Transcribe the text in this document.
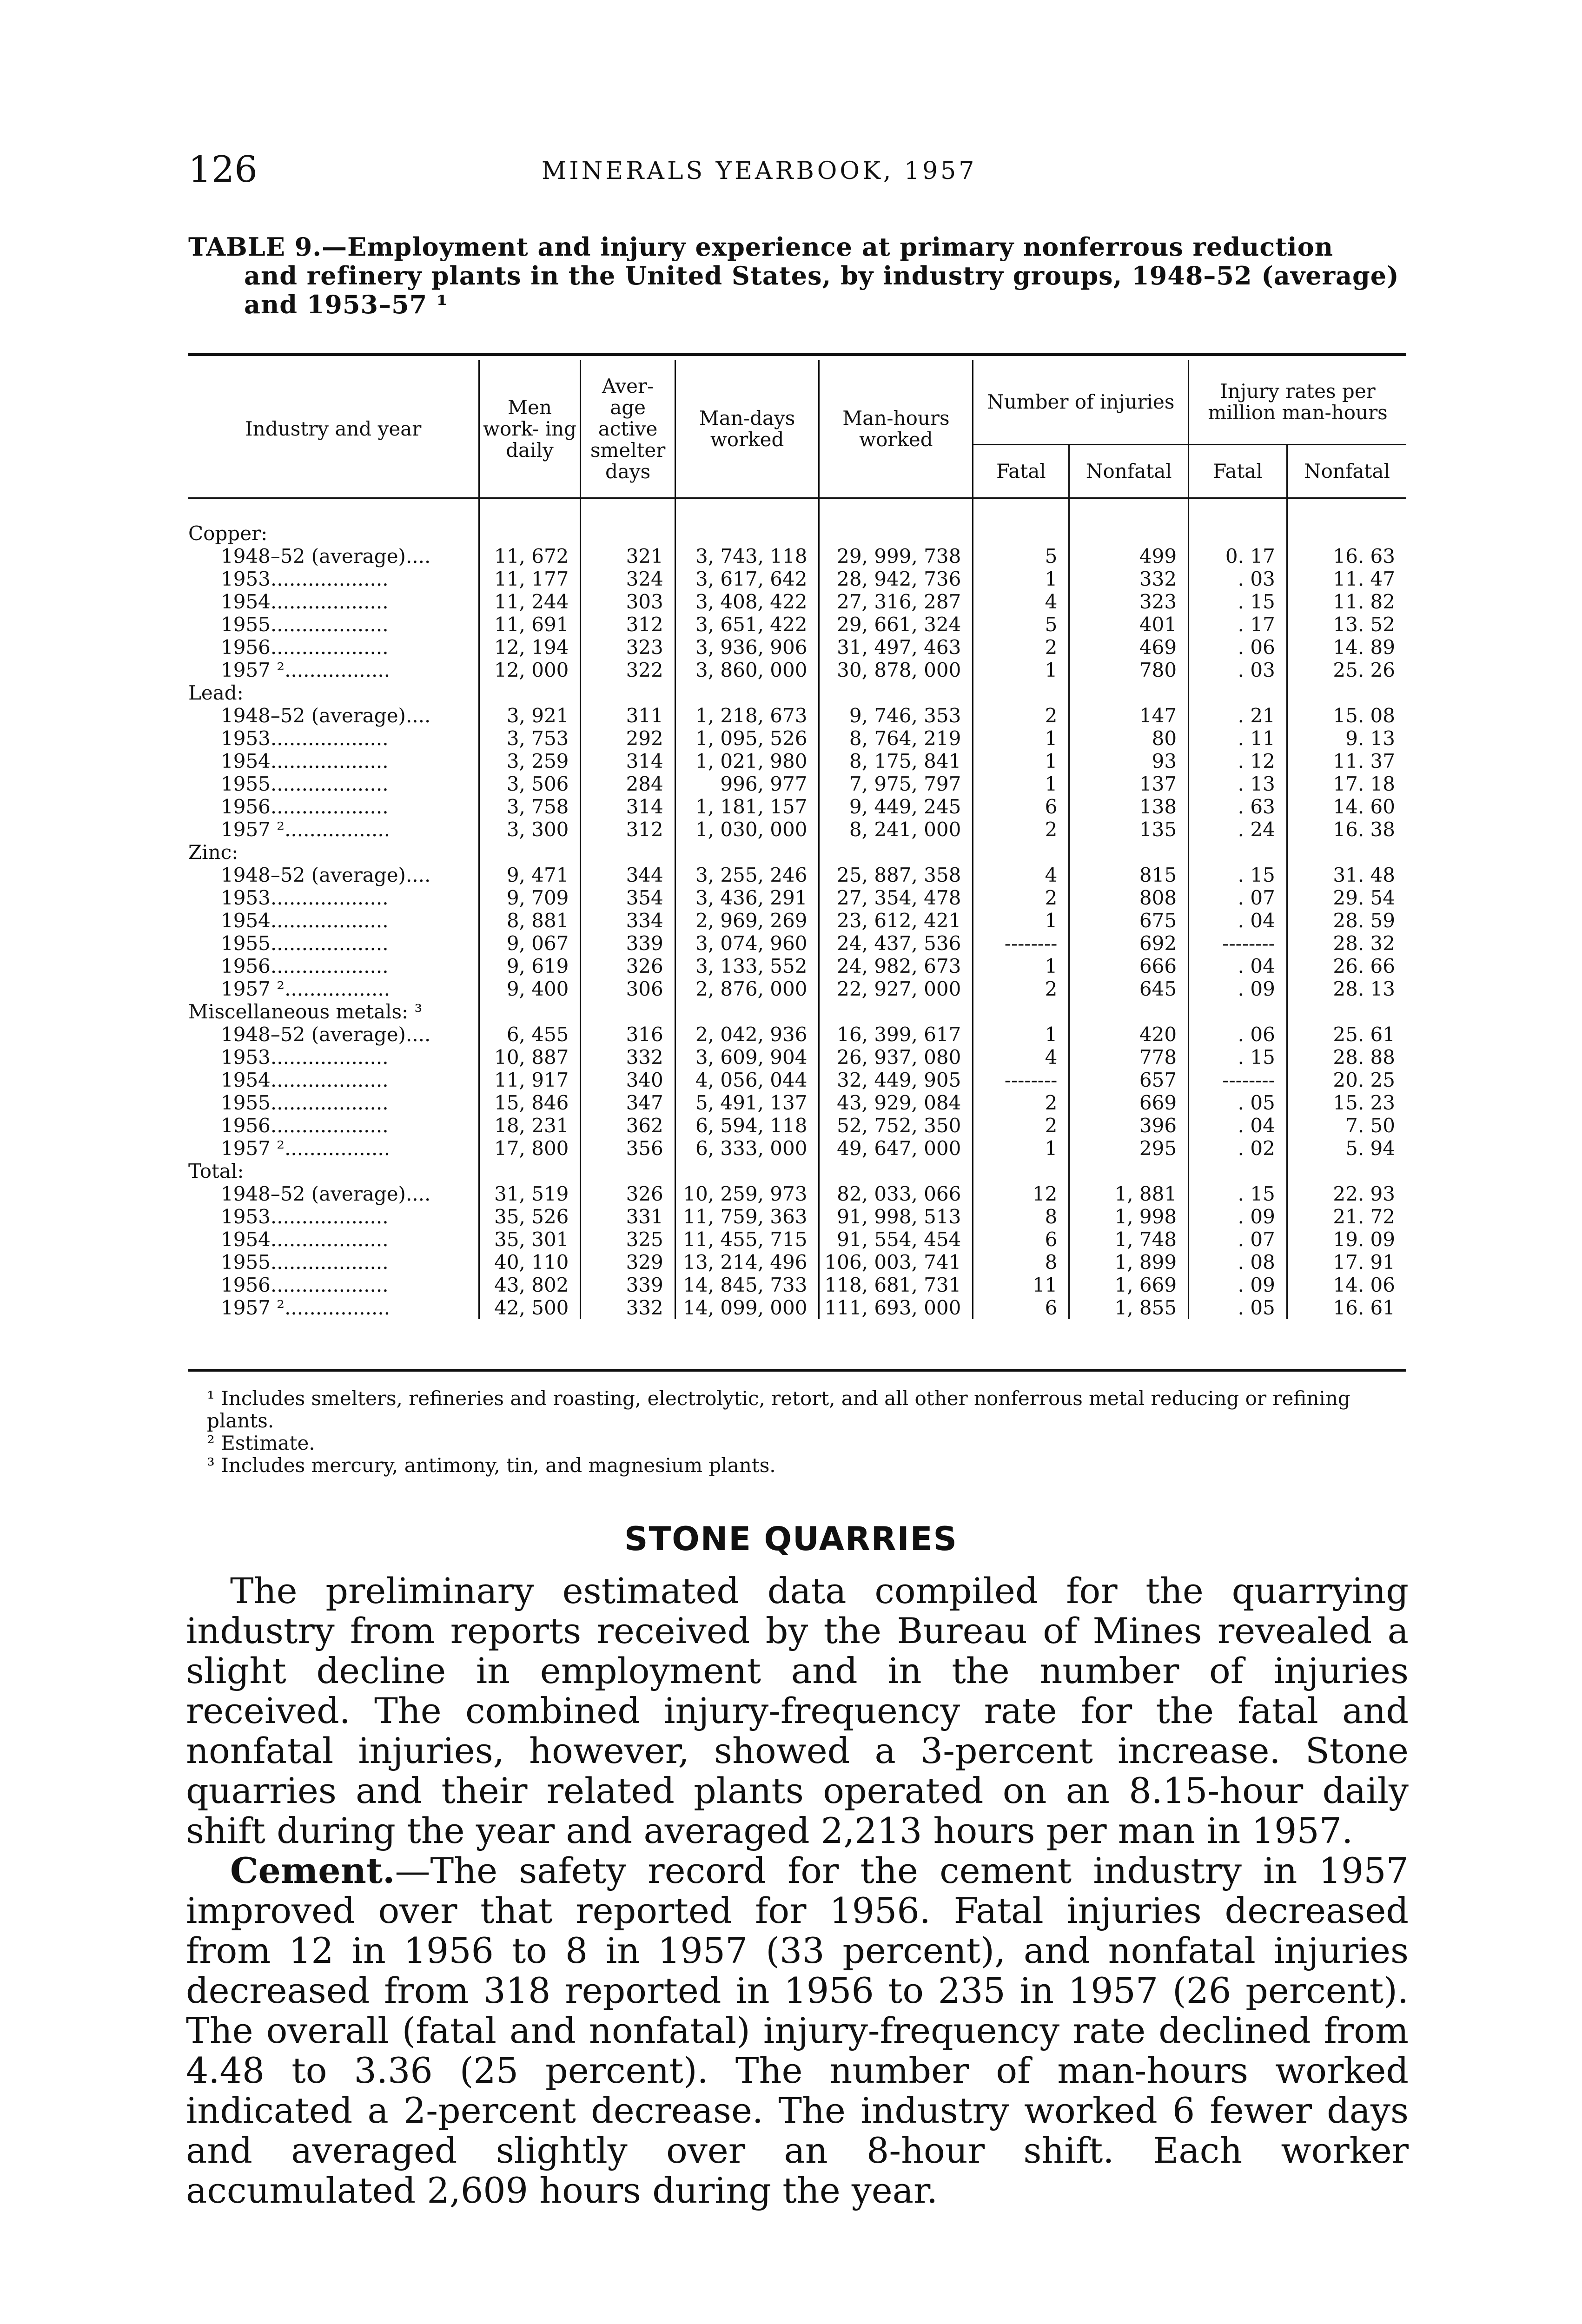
126	MINERALS YEARBOOK, 1957
TABLE 9.—Employment and injury experience at primary nonferrous reduction
and refinery plants in the United States, by industry groups, 1948–52 (average)
and 1953–57 ¹
Industry and year	Men work- ing daily	Aver- age active smelter days	Man-days worked	Man-hours worked	Number of injuries		Injury rates per million man-hours	
					Fatal	Nonfatal	Fatal	Nonfatal

Copper:								
1948–52 (average)....	11, 672	321	3, 743, 118	29, 999, 738	5	499	0. 17	16. 63
1953...................	11, 177	324	3, 617, 642	28, 942, 736	1	332	. 03	11. 47
1954...................	11, 244	303	3, 408, 422	27, 316, 287	4	323	. 15	11. 82
1955...................	11, 691	312	3, 651, 422	29, 661, 324	5	401	. 17	13. 52
1956...................	12, 194	323	3, 936, 906	31, 497, 463	2	469	. 06	14. 89
1957 ².................	12, 000	322	3, 860, 000	30, 878, 000	1	780	. 03	25. 26
Lead:								
1948–52 (average)....	3, 921	311	1, 218, 673	9, 746, 353	2	147	. 21	15. 08
1953...................	3, 753	292	1, 095, 526	8, 764, 219	1	80	. 11	9. 13
1954...................	3, 259	314	1, 021, 980	8, 175, 841	1	93	. 12	11. 37
1955...................	3, 506	284	996, 977	7, 975, 797	1	137	. 13	17. 18
1956...................	3, 758	314	1, 181, 157	9, 449, 245	6	138	. 63	14. 60
1957 ².................	3, 300	312	1, 030, 000	8, 241, 000	2	135	. 24	16. 38
Zinc:								
1948–52 (average)....	9, 471	344	3, 255, 246	25, 887, 358	4	815	. 15	31. 48
1953...................	9, 709	354	3, 436, 291	27, 354, 478	2	808	. 07	29. 54
1954...................	8, 881	334	2, 969, 269	23, 612, 421	1	675	. 04	28. 59
1955...................	9, 067	339	3, 074, 960	24, 437, 536	--------	692	--------	28. 32
1956...................	9, 619	326	3, 133, 552	24, 982, 673	1	666	. 04	26. 66
1957 ².................	9, 400	306	2, 876, 000	22, 927, 000	2	645	. 09	28. 13
Miscellaneous metals: ³								
1948–52 (average)....	6, 455	316	2, 042, 936	16, 399, 617	1	420	. 06	25. 61
1953...................	10, 887	332	3, 609, 904	26, 937, 080	4	778	. 15	28. 88
1954...................	11, 917	340	4, 056, 044	32, 449, 905	--------	657	--------	20. 25
1955...................	15, 846	347	5, 491, 137	43, 929, 084	2	669	. 05	15. 23
1956...................	18, 231	362	6, 594, 118	52, 752, 350	2	396	. 04	7. 50
1957 ².................	17, 800	356	6, 333, 000	49, 647, 000	1	295	. 02	5. 94
Total:								
1948–52 (average)....	31, 519	326	10, 259, 973	82, 033, 066	12	1, 881	. 15	22. 93
1953...................	35, 526	331	11, 759, 363	91, 998, 513	8	1, 998	. 09	21. 72
1954...................	35, 301	325	11, 455, 715	91, 554, 454	6	1, 748	. 07	19. 09
1955...................	40, 110	329	13, 214, 496	106, 003, 741	8	1, 899	. 08	17. 91
1956...................	43, 802	339	14, 845, 733	118, 681, 731	11	1, 669	. 09	14. 06
1957 ².................	42, 500	332	14, 099, 000	111, 693, 000	6	1, 855	. 05	16. 61
¹ Includes smelters, refineries and roasting, electrolytic, retort, and all other nonferrous metal reducing or refining plants.
² Estimate.
³ Includes mercury, antimony, tin, and magnesium plants.
STONE QUARRIES

The preliminary estimated data compiled for the quarrying industry from reports received by the Bureau of Mines revealed a slight decline in employment and in the number of injuries received. The combined injury-frequency rate for the fatal and nonfatal injuries, however, showed a 3-percent increase. Stone quarries and their related plants operated on an 8.15-hour daily shift during the year and averaged 2,213 hours per man in 1957.

Cement.—The safety record for the cement industry in 1957 improved over that reported for 1956. Fatal injuries decreased from 12 in 1956 to 8 in 1957 (33 percent), and nonfatal injuries decreased from 318 reported in 1956 to 235 in 1957 (26 percent). The overall (fatal and nonfatal) injury-frequency rate declined from 4.48 to 3.36 (25 percent). The number of man-hours worked indicated a 2-percent decrease. The industry worked 6 fewer days and averaged slightly over an 8-hour shift. Each worker accumulated 2,609 hours during the year.
